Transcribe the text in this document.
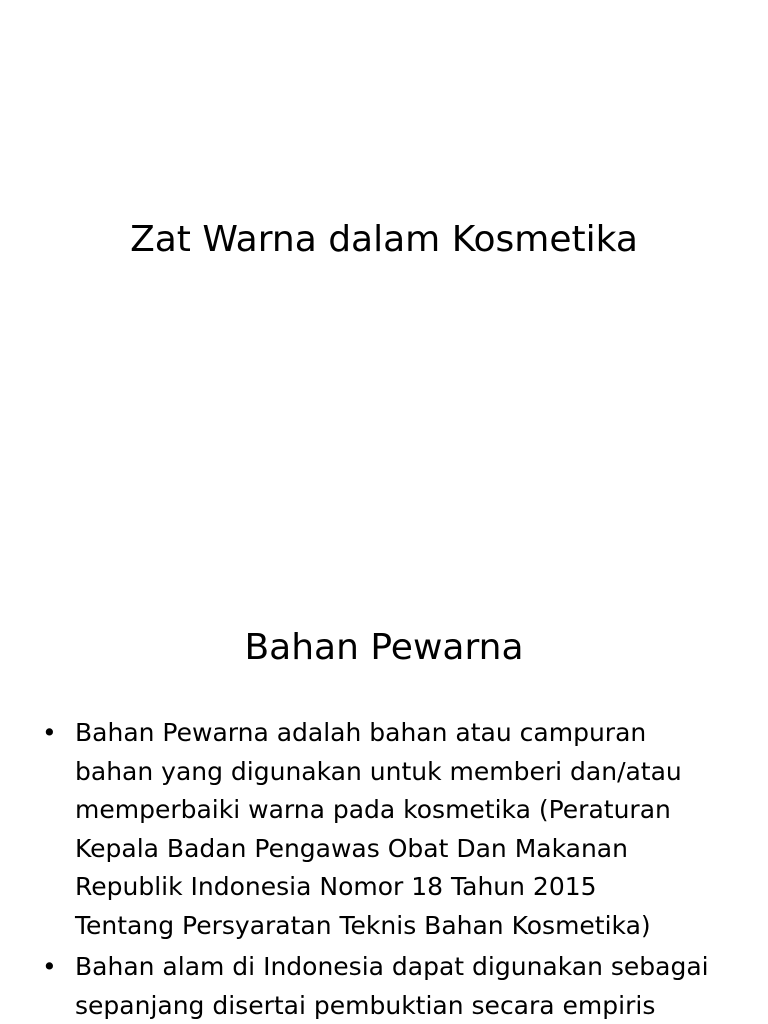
Zat Warna dalam Kosmetika
Bahan Pewarna
• Bahan Pewarna adalah bahan atau campuran
bahan yang digunakan untuk memberi dan/atau
memperbaiki warna pada kosmetika (Peraturan
Kepala Badan Pengawas Obat Dan Makanan
Republik Indonesia Nomor 18 Tahun 2015
Tentang Persyaratan Teknis Bahan Kosmetika)
• Bahan alam di Indonesia dapat digunakan sebagai
sepanjang disertai pembuktian secara empiris
